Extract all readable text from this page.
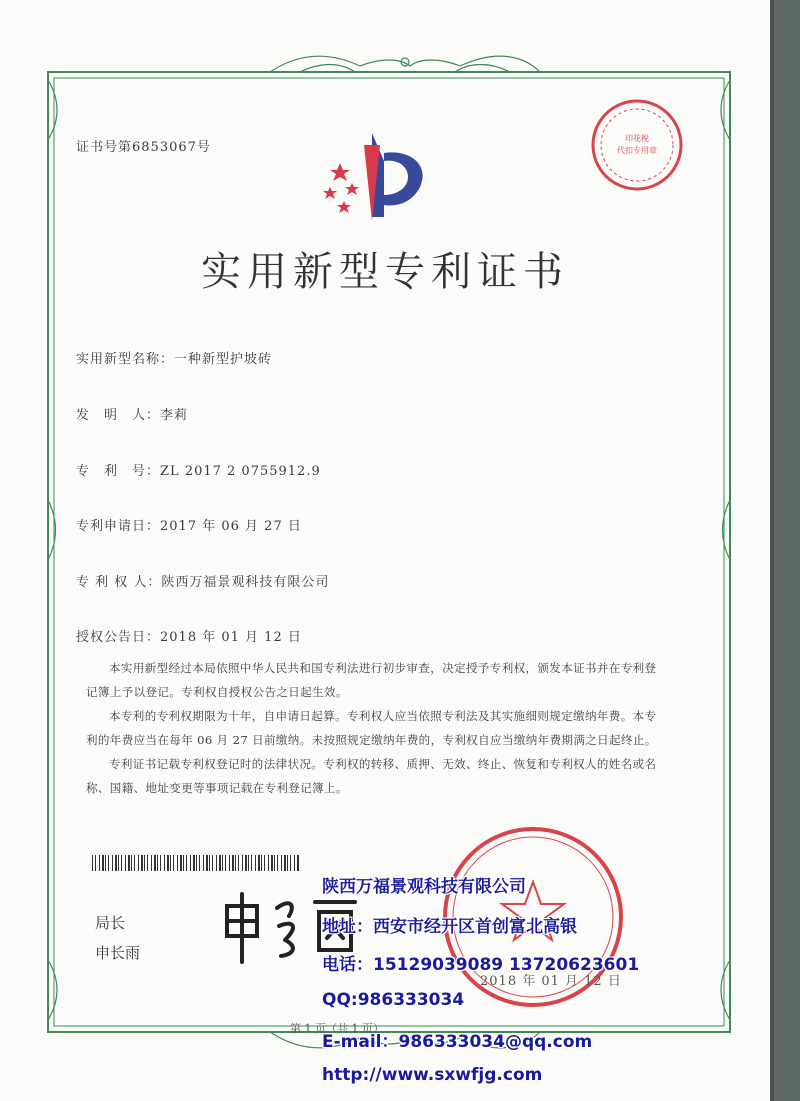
证书号第6853067号
印花税
代扣专用章
实用新型专利证书
实用新型名称：一种新型护坡砖
发　明　人：李莉
专　利　号：ZL 2017 2 0755912.9
专利申请日：2017 年 06 月 27 日
专 利 权 人：陕西万福景观科技有限公司
授权公告日：2018 年 01 月 12 日

本实用新型经过本局依照中华人民共和国专利法进行初步审查，决定授予专利权，颁发本证书并在专利登记簿上予以登记。专利权自授权公告之日起生效。

本专利的专利权期限为十年，自申请日起算。专利权人应当依照专利法及其实施细则规定缴纳年费。本专利的年费应当在每年 06 月 27 日前缴纳。未按照规定缴纳年费的，专利权自应当缴纳年费期满之日起终止。

专利证书记载专利权登记时的法律状况。专利权的转移、质押、无效、终止、恢复和专利权人的姓名或名称、国籍、地址变更等事项记载在专利登记簿上。

局长
申长雨
2018 年 01 月 12 日
第 1 页（共 1 页）
陕西万福景观科技有限公司
地址：西安市经开区首创富北高银
电话：15129039089 13720623601
QQ:986333034
E-mail：986333034@qq.com
http://www.sxwfjg.com
